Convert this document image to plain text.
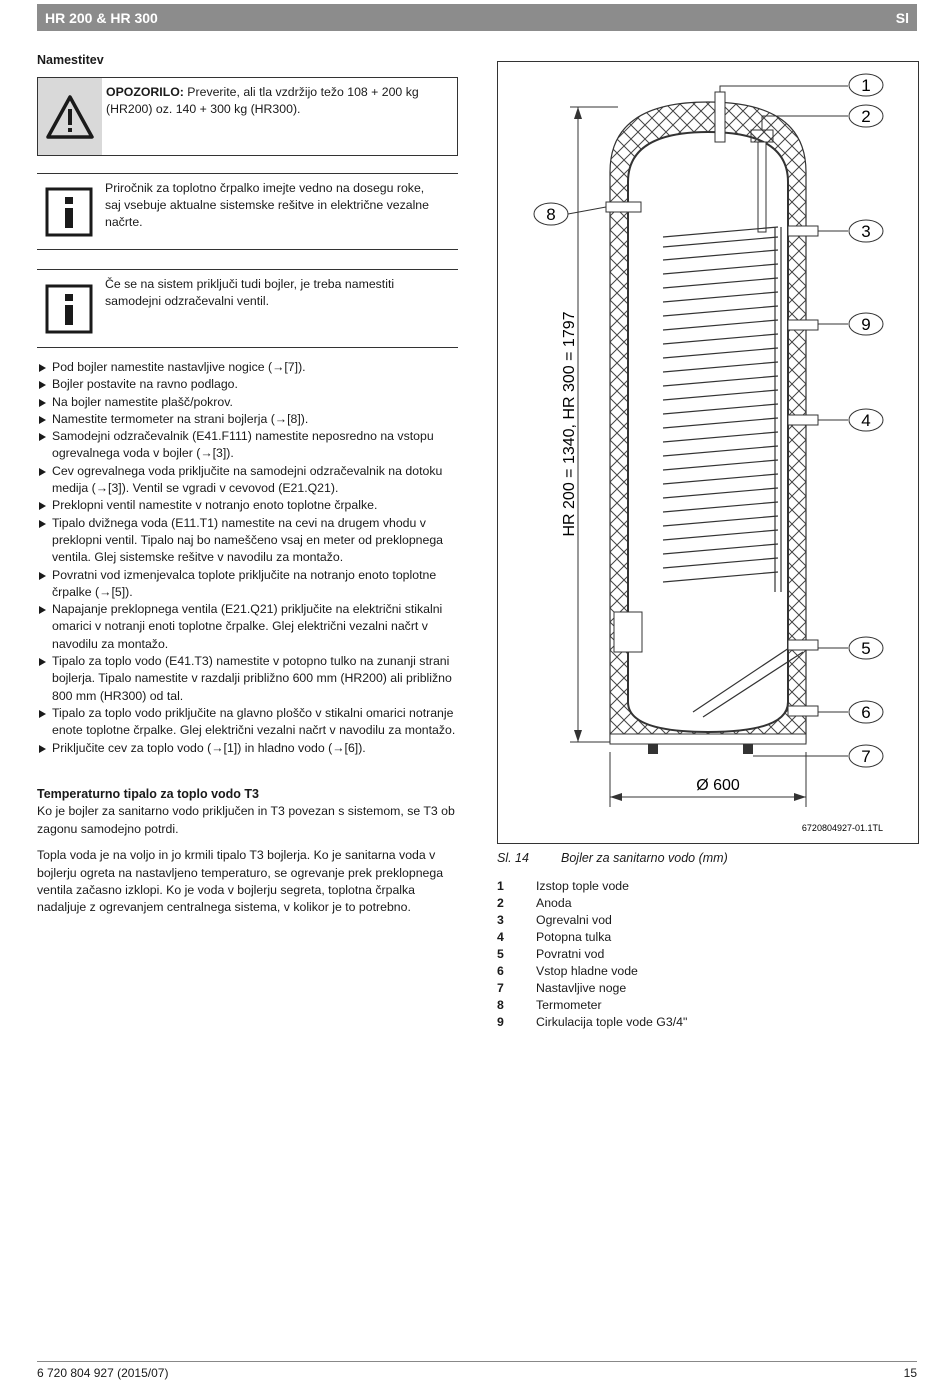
HR 200 & HR 300	Sl
Namestitev
OPOZORILO: Preverite, ali tla vzdržijo težo 108 + 200 kg (HR200) oz. 140 + 300 kg (HR300).
Priročnik za toplotno črpalko imejte vedno na dosegu roke, saj vsebuje aktualne sistemske rešitve in električne vezalne načrte.
Če se na sistem priključi tudi bojler, je treba namestiti samodejni odzračevalni ventil.
Pod bojler namestite nastavljive nogice (→[7]).
Bojler postavite na ravno podlago.
Na bojler namestite plašč/pokrov.
Namestite termometer na strani bojlerja (→[8]).
Samodejni odzračevalnik (E41.F111) namestite neposredno na vstopu ogrevalnega voda v bojler (→[3]).
Cev ogrevalnega voda priključite na samodejni odzračevalnik na dotoku medija (→[3]). Ventil se vgradi v cevovod (E21.Q21).
Preklopni ventil namestite v notranjo enoto toplotne črpalke.
Tipalo dvižnega voda (E11.T1) namestite na cevi na drugem vhodu v preklopni ventil. Tipalo naj bo nameščeno vsaj en meter od preklopnega ventila. Glej sistemske rešitve v navodilu za montažo.
Povratni vod izmenjevalca toplote priključite na notranjo enoto toplotne črpalke (→[5]).
Napajanje preklopnega ventila (E21.Q21) priključite na električni stikalni omarici v notranji enoti toplotne črpalke. Glej električni vezalni načrt v navodilu za montažo.
Tipalo za toplo vodo (E41.T3) namestite v potopno tulko na zunanji strani bojlerja. Tipalo namestite v razdalji približno 600 mm (HR200) ali približno 800 mm (HR300) od tal.
Tipalo za toplo vodo priključite na glavno ploščo v stikalni omarici notranje enote toplotne črpalke. Glej električni vezalni načrt v navodilu za montažo.
Priključite cev za toplo vodo (→[1]) in hladno vodo (→[6]).
Temperaturno tipalo za toplo vodo T3

Ko je bojler za sanitarno vodo priključen in T3 povezan s sistemom, se T3 ob zagonu samodejno potrdi.

Topla voda je na voljo in jo krmili tipalo T3 bojlerja. Ko je sanitarna voda v bojlerju ogreta na nastavljeno temperaturo, se ogrevanje prek preklopnega ventila začasno izklopi. Ko je voda v bojlerju segreta, toplotna črpalka nadaljuje z ogrevanjem centralnega sistema, v kolikor je to potrebno.

HR 200 = 1340, HR 300 = 1797
Ø 600
1
2
3
9
4
5
6
7
8
6720804927-01.1TL
Sl. 14	Bojler za sanitarno vodo (mm)
1	Izstop tople vode
2	Anoda
3	Ogrevalni vod
4	Potopna tulka
5	Povratni vod
6	Vstop hladne vode
7	Nastavljive noge
8	Termometer
9	Cirkulacija tople vode G3/4"
6 720 804 927 (2015/07)	15
